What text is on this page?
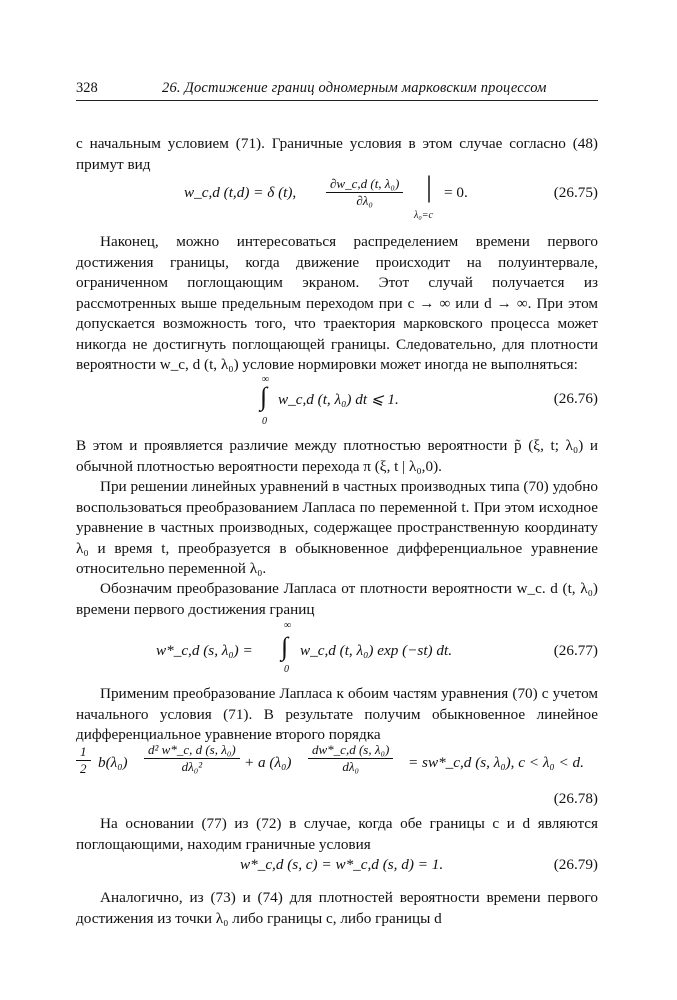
328	26. Достижение границ одномерным марковским процессом

с начальным условием (71). Граничные условия в этом случае согласно (48) примут вид

w_c,d (t,d) = δ (t), $\frac{\text{∂w\_c,d (t, λ₀)}}{\text{∂λ₀}}$ |
λ₀=c
= 0.	(26.75)

Наконец, можно интересоваться распределением времени первого достижения границы, когда движение происходит на полуинтервале, ограниченном поглощающим экраном. Этот случай получается из рассмотренных выше предельным переходом при c → ∞ или d → ∞. При этом допускается возможность того, что траектория марковского процесса может никогда не достигнуть поглощающей границы. Следовательно, для плотности вероятности w_c, d (t, λ₀) условие нормировки может иногда не выполняться:

∞
∫
0
w_c,d (t, λ₀) dt ⩽ 1.	(26.76)

В этом и проявляется различие между плотностью вероятности p̃ (ξ, t; λ₀) и обычной плотностью вероятности перехода π (ξ, t | λ₀,0).

При решении линейных уравнений в частных производных типа (70) удобно воспользоваться преобразованием Лапласа по переменной t. При этом исходное уравнение в частных производных, содержащее пространственную координату λ₀ и время t, преобразуется в обыкновенное дифференциальное уравнение относительно переменной λ₀.

Обозначим преобразование Лапласа от плотности вероятности w_c. d (t, λ₀) времени первого достижения границ

w*_c,d (s, λ₀) =
∞
∫
0
w_c,d (t, λ₀) exp (−st) dt.	(26.77)

Применим преобразование Лапласа к обоим частям уравнения (70) с учетом начального условия (71). В результате получим обыкновенное линейное дифференциальное уравнение второго порядка

$\frac{1}{2} b(\lambda_0) \frac{\text{d² w*\_c, d (s, λ₀)}}{\text{dλ₀²}} + a$ $(\lambda_0) \frac{\text{dw*\_c,d (s, λ₀)}}{\text{dλ₀}}$ = sw*_c,d (s, λ₀), c < λ₀ < d.
(26.78)

На основании (77) из (72) в случае, когда обе границы c и d являются поглощающими, находим граничные условия

w*_c,d (s, c) = w*_c,d (s, d) = 1.	(26.79)

Аналогично, из (73) и (74) для плотностей вероятности времени первого достижения из точки λ₀ либо границы c, либо границы d
